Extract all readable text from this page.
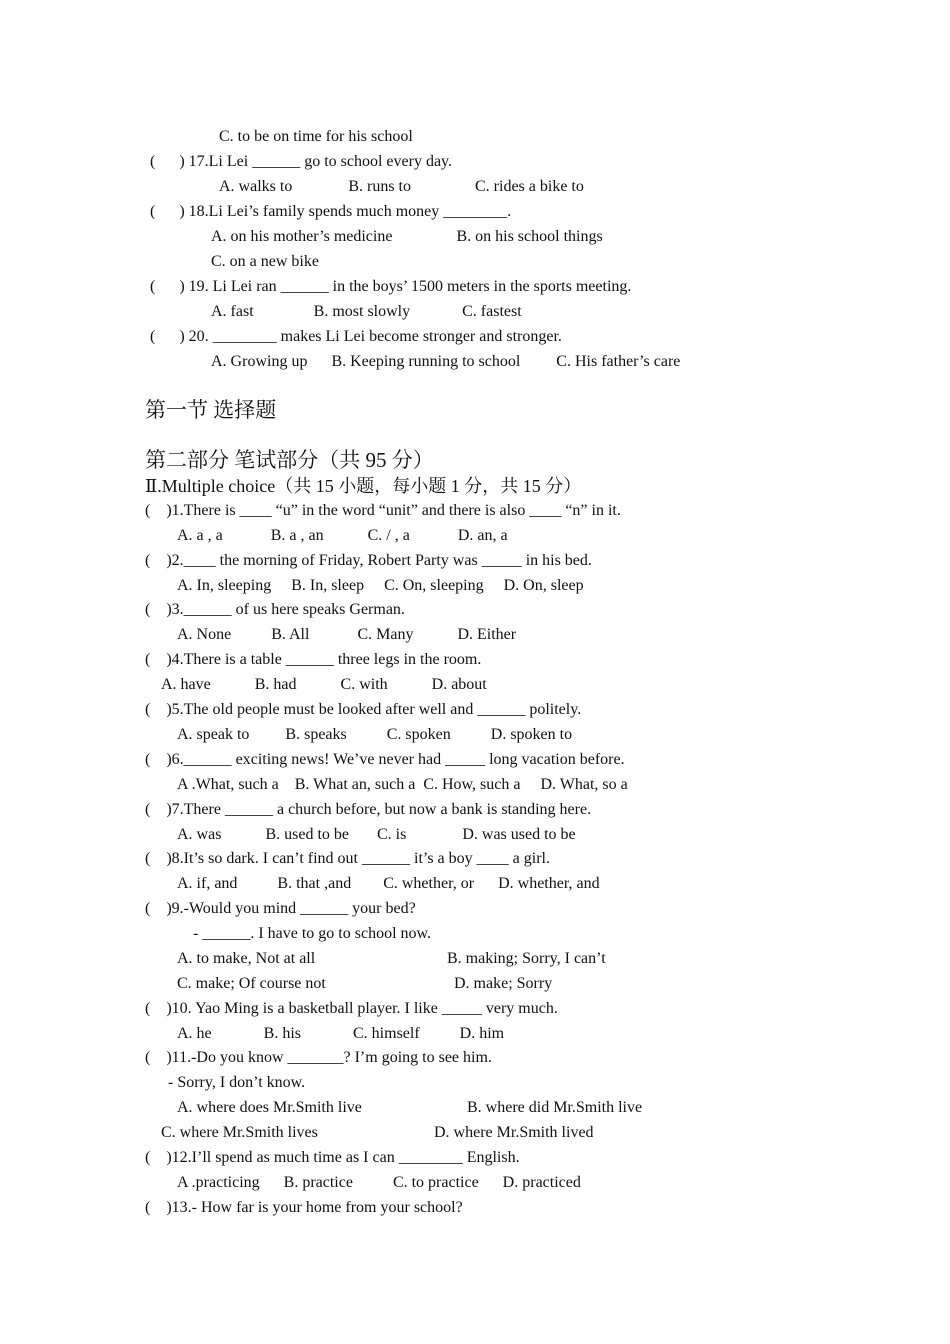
C. to be on time for his school
(      ) 17.Li Lei ______ go to school every day.
A. walks to              B. runs to                C. rides a bike to
(      ) 18.Li Lei’s family spends much money ________.
A. on his mother’s medicine                B. on his school things
C. on a new bike
(      ) 19. Li Lei ran ______ in the boys’ 1500 meters in the sports meeting.
A. fast               B. most slowly             C. fastest
(      ) 20. ________ makes Li Lei become stronger and stronger.
A. Growing up      B. Keeping running to school         C. His father’s care
第一节 选择题
第二部分 笔试部分（共 95 分）
Ⅱ.Multiple choice（共 15 小题，每小题 1 分，共 15 分）
(    )1.There is ____ “u” in the word “unit” and there is also ____ “n” in it.
A. a , a            B. a , an           C. / , a            D. an, a
(    )2.____ the morning of Friday, Robert Party was _____ in his bed.
A. In, sleeping     B. In, sleep     C. On, sleeping     D. On, sleep
(    )3.______ of us here speaks German.
A. None          B. All            C. Many           D. Either
(    )4.There is a table ______ three legs in the room.
A. have           B. had           C. with           D. about
(    )5.The old people must be looked after well and ______ politely.
A. speak to         B. speaks          C. spoken          D. spoken to
(    )6.______ exciting news! We’ve never had _____ long vacation before.
A .What, such a    B. What an, such a  C. How, such a     D. What, so a
(    )7.There ______ a church before, but now a bank is standing here.
A. was           B. used to be       C. is              D. was used to be
(    )8.It’s so dark. I can’t find out ______ it’s a boy ____ a girl.
A. if, and          B. that ,and        C. whether, or      D. whether, and
(    )9.-Would you mind ______ your bed?
- ______. I have to go to school now.
A. to make, Not at all	B. making; Sorry, I can’t
C. make; Of course not	D. make; Sorry
(    )10. Yao Ming is a basketball player. I like _____ very much.
A. he             B. his             C. himself          D. him
(    )11.-Do you know _______? I’m going to see him.
- Sorry, I don’t know.
A. where does Mr.Smith live	B. where did Mr.Smith live
C. where Mr.Smith lives	D. where Mr.Smith lived
(    )12.I’ll spend as much time as I can ________ English.
A .practicing      B. practice          C. to practice      D. practiced
(    )13.- How far is your home from your school?
